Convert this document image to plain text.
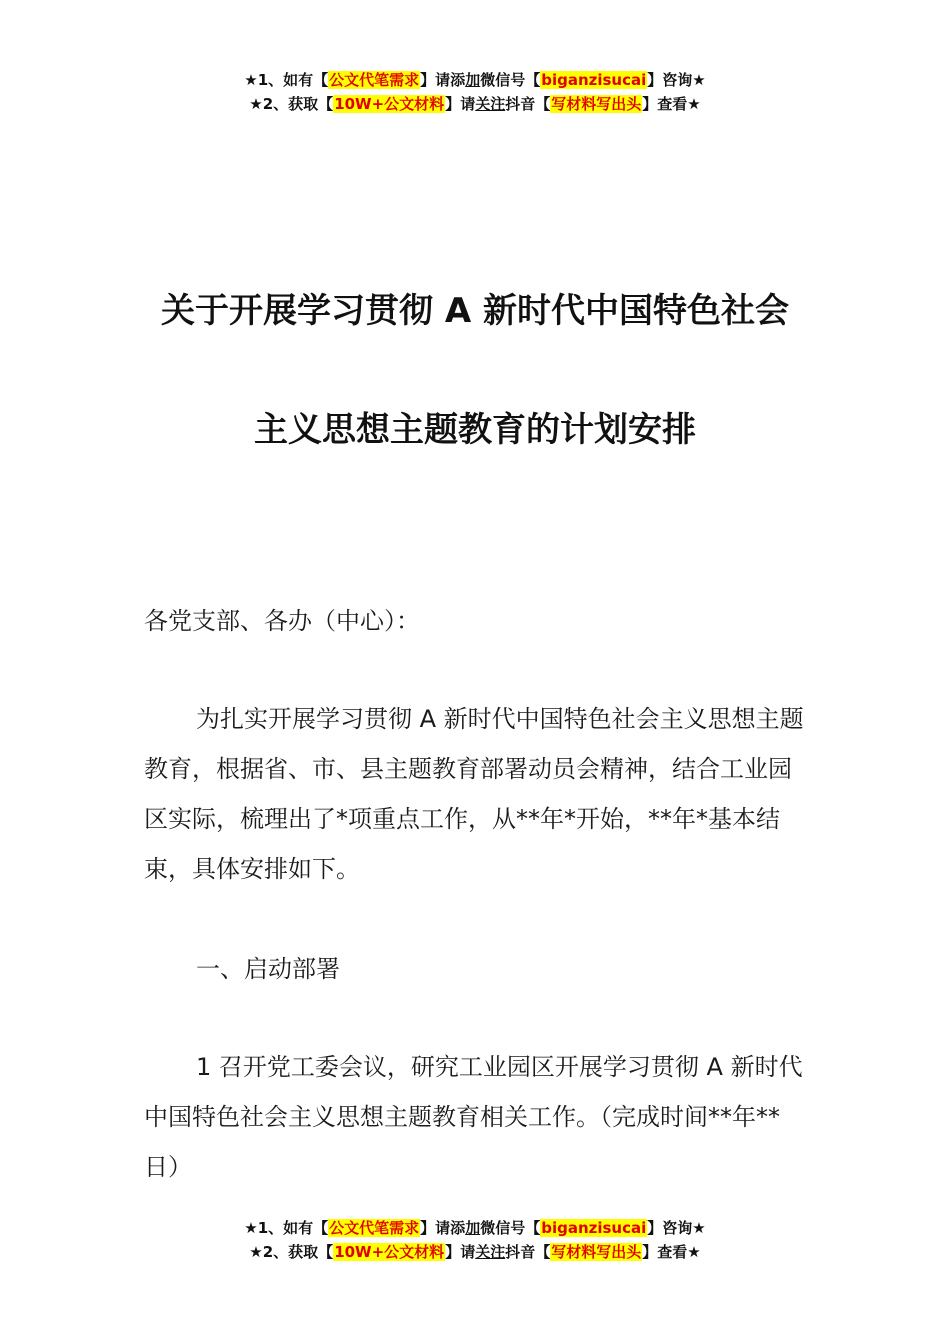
★1、如有【公文代笔需求】请添加微信号【biganzisucai】咨询★
★2、获取【10W+公文材料】请关注抖音【写材料写出头】查看★
关于开展学习贯彻 A 新时代中国特色社会
主义思想主题教育的计划安排

各党支部、各办（中心）：

为扎实开展学习贯彻 A 新时代中国特色社会主义思想主题教育，根据省、市、县主题教育部署动员会精神，结合工业园区实际，梳理出了*项重点工作，从**年*开始，**年*基本结束，具体安排如下。

一、启动部署

1 召开党工委会议，研究工业园区开展学习贯彻 A 新时代中国特色社会主义思想主题教育相关工作。（完成时间**年**日）

★1、如有【公文代笔需求】请添加微信号【biganzisucai】咨询★
★2、获取【10W+公文材料】请关注抖音【写材料写出头】查看★
